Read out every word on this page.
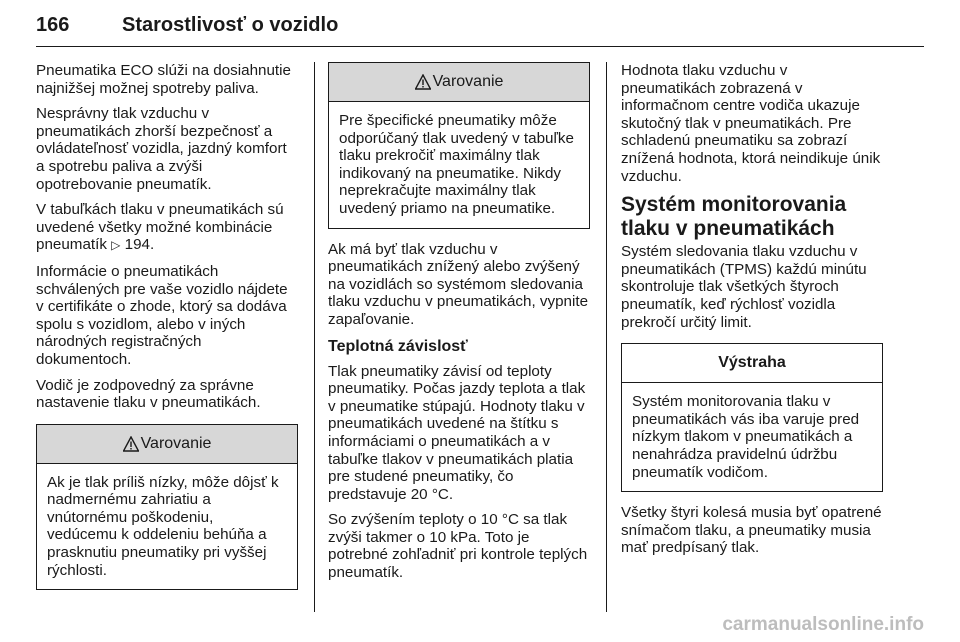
166	Starostlivosť o vozidlo

Pneumatika ECO slúži na dosiahnutie najnižšej možnej spotreby paliva.

Nesprávny tlak vzduchu v pneumatikách zhorší bezpečnosť a ovládateľnosť vozidla, jazdný komfort a spotrebu paliva a zvýši opotrebovanie pneumatík.

V tabuľkách tlaku v pneumatikách sú uvedené všetky možné kombinácie pneumatík ▷ 194.

Informácie o pneumatikách schválených pre vaše vozidlo nájdete v certifikáte o zhode, ktorý sa dodáva spolu s vozidlom, alebo v iných národných registračných dokumentoch.

Vodič je zodpovedný za správne nastavenie tlaku v pneumatikách.

Varovanie
Ak je tlak príliš nízky, môže dôjsť k nadmernému zahriatiu a vnútornému poškodeniu, vedúcemu k oddeleniu behúňa a prasknutiu pneumatiky pri vyššej rýchlosti.
Varovanie
Pre špecifické pneumatiky môže odporúčaný tlak uvedený v tabuľke tlaku prekročiť maximálny tlak indikovaný na pneumatike. Nikdy neprekračujte maximálny tlak uvedený priamo na pneumatike.

Ak má byť tlak vzduchu v pneumatikách znížený alebo zvýšený na vozidlách so systémom sledovania tlaku vzduchu v pneumatikách, vypnite zapaľovanie.

Teplotná závislosť

Tlak pneumatiky závisí od teploty pneumatiky. Počas jazdy teplota a tlak v pneumatike stúpajú. Hodnoty tlaku v pneumatikách uvedené na štítku s informáciami o pneumatikách a v tabuľke tlakov v pneumatikách platia pre studené pneumatiky, čo predstavuje 20 °C.

So zvýšením teploty o 10 °C sa tlak zvýši takmer o 10 kPa. Toto je potrebné zohľadniť pri kontrole teplých pneumatík.

Hodnota tlaku vzduchu v pneumatikách zobrazená v informačnom centre vodiča ukazuje skutočný tlak v pneumatikách. Pre schladenú pneumatiku sa zobrazí znížená hodnota, ktorá neindikuje únik vzduchu.

Systém monitorovania tlaku v pneumatikách

Systém sledovania tlaku vzduchu v pneumatikách (TPMS) každú minútu skontroluje tlak všetkých štyroch pneumatík, keď rýchlosť vozidla prekročí určitý limit.

Výstraha
Systém monitorovania tlaku v pneumatikách vás iba varuje pred nízkym tlakom v pneumatikách a nenahrádza pravidelnú údržbu pneumatík vodičom.

Všetky štyri kolesá musia byť opatrené snímačom tlaku, a pneumatiky musia mať predpísaný tlak.

carmanualsonline.info
